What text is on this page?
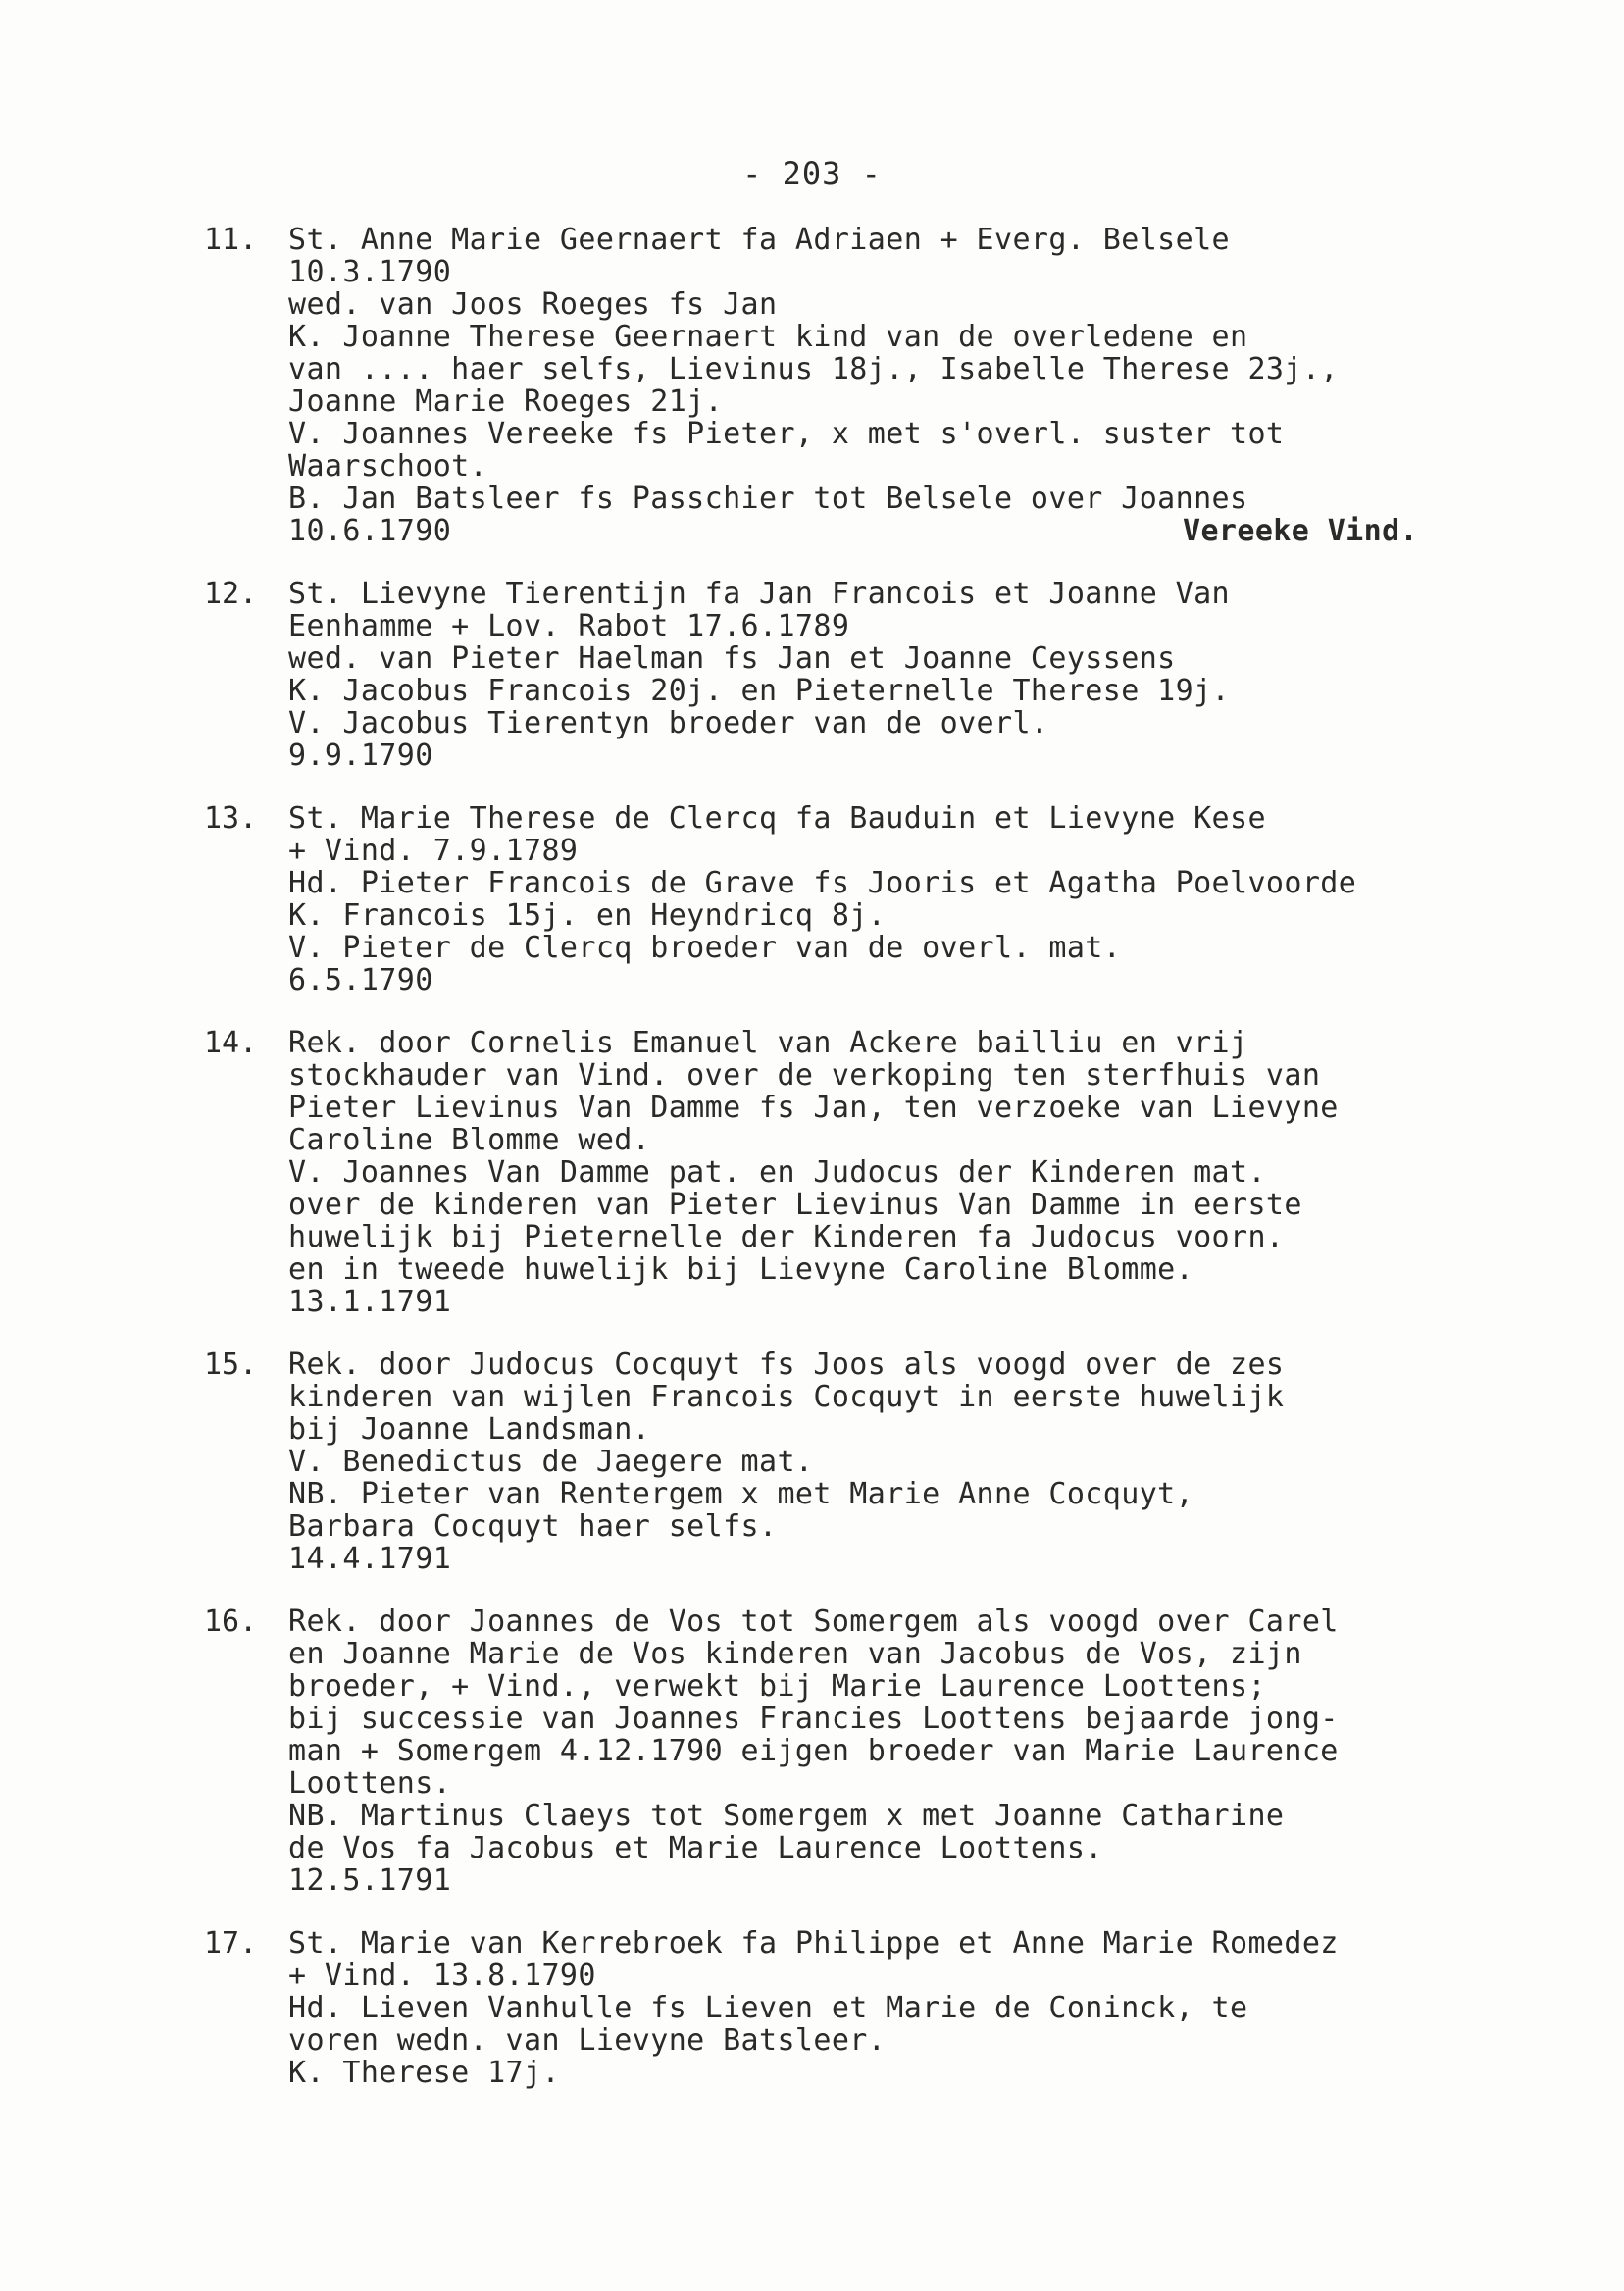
- 203 -
11.	St. Anne Marie Geernaert fa Adriaen + Everg. Belsele
10.3.1790
wed. van Joos Roeges fs Jan
K. Joanne Therese Geernaert kind van de overledene en
van .... haer selfs, Lievinus 18j., Isabelle Therese 23j.,
Joanne Marie Roeges 21j.
V. Joannes Vereeke fs Pieter, x met s'overl. suster tot
Waarschoot.
B. Jan Batsleer fs Passchier tot Belsele over Joannes
10.6.1790	Vereeke Vind.
12.	St. Lievyne Tierentijn fa Jan Francois et Joanne Van
Eenhamme + Lov. Rabot 17.6.1789
wed. van Pieter Haelman fs Jan et Joanne Ceyssens
K. Jacobus Francois 20j. en Pieternelle Therese 19j.
V. Jacobus Tierentyn broeder van de overl.
9.9.1790
13.	St. Marie Therese de Clercq fa Bauduin et Lievyne Kese
+ Vind. 7.9.1789
Hd. Pieter Francois de Grave fs Jooris et Agatha Poelvoorde
K. Francois 15j. en Heyndricq 8j.
V. Pieter de Clercq broeder van de overl. mat.
6.5.1790
14.	Rek. door Cornelis Emanuel van Ackere bailliu en vrij
stockhauder van Vind. over de verkoping ten sterfhuis van
Pieter Lievinus Van Damme fs Jan, ten verzoeke van Lievyne
Caroline Blomme wed.
V. Joannes Van Damme pat. en Judocus der Kinderen mat.
over de kinderen van Pieter Lievinus Van Damme in eerste
huwelijk bij Pieternelle der Kinderen fa Judocus voorn.
en in tweede huwelijk bij Lievyne Caroline Blomme.
13.1.1791
15.	Rek. door Judocus Cocquyt fs Joos als voogd over de zes
kinderen van wijlen Francois Cocquyt in eerste huwelijk
bij Joanne Landsman.
V. Benedictus de Jaegere mat.
NB. Pieter van Rentergem x met Marie Anne Cocquyt,
Barbara Cocquyt haer selfs.
14.4.1791
16.	Rek. door Joannes de Vos tot Somergem als voogd over Carel
en Joanne Marie de Vos kinderen van Jacobus de Vos, zijn
broeder, + Vind., verwekt bij Marie Laurence Loottens;
bij successie van Joannes Francies Loottens bejaarde jong-
man + Somergem 4.12.1790 eijgen broeder van Marie Laurence
Loottens.
NB. Martinus Claeys tot Somergem x met Joanne Catharine
de Vos fa Jacobus et Marie Laurence Loottens.
12.5.1791
17.	St. Marie van Kerrebroek fa Philippe et Anne Marie Romedez
+ Vind. 13.8.1790
Hd. Lieven Vanhulle fs Lieven et Marie de Coninck, te
voren wedn. van Lievyne Batsleer.
K. Therese 17j.
